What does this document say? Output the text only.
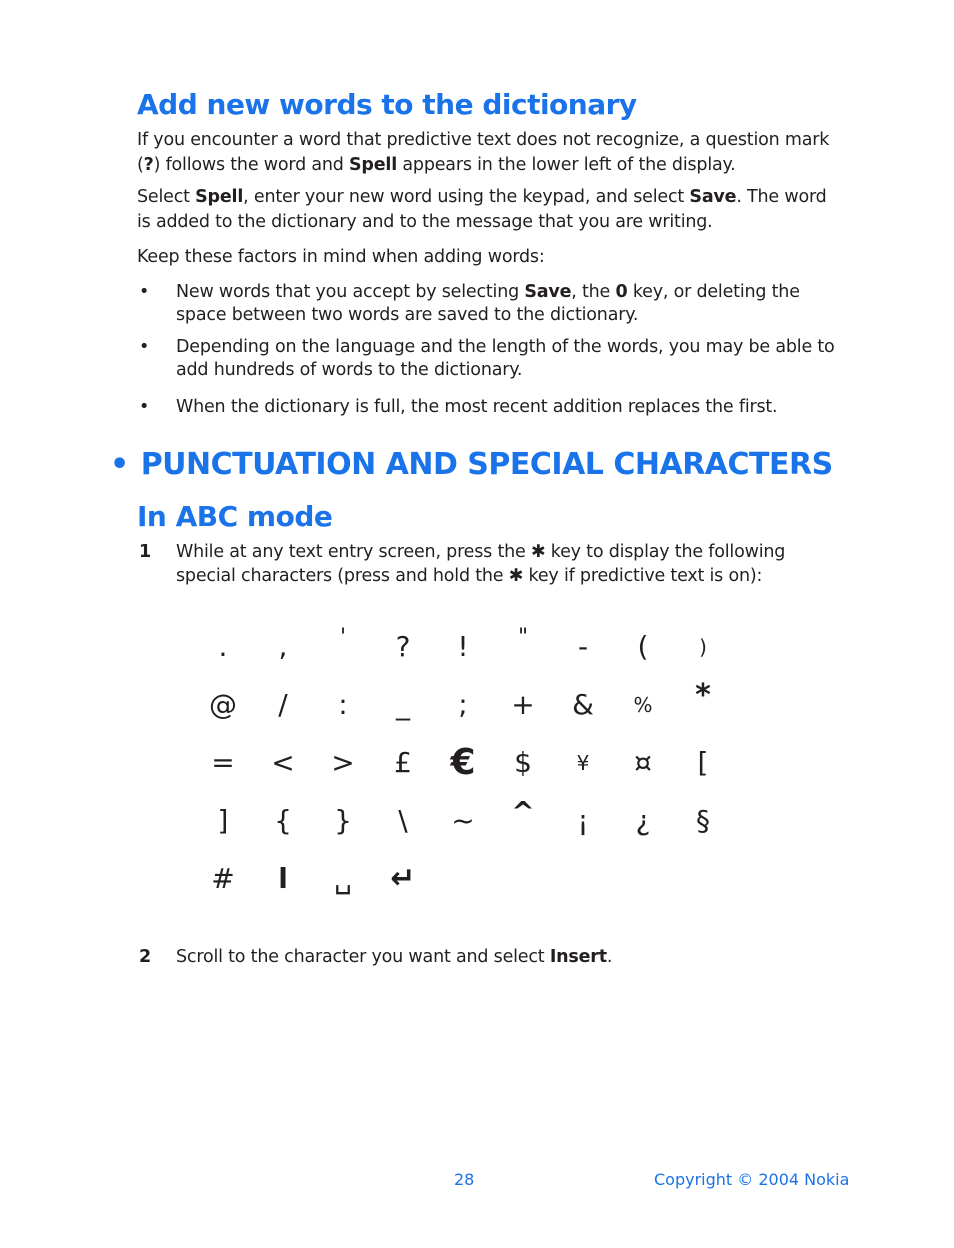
Add new words to the dictionary

If you encounter a word that predictive text does not recognize, a question mark (?) follows the word and Spell appears in the lower left of the display.

Select Spell, enter your new word using the keypad, and select Save. The word is added to the dictionary and to the message that you are writing.

Keep these factors in mind when adding words:

• New words that you accept by selecting Save, the 0 key, or deleting the space between two words are saved to the dictionary.
• Depending on the language and the length of the words, you may be able to add hundreds of words to the dictionary.
• When the dictionary is full, the most recent addition replaces the first.
• PUNCTUATION AND SPECIAL CHARACTERS
In ABC mode
1 While at any text entry screen, press the ✱ key to display the following special characters (press and hold the ✱ key if predictive text is on):
.	,	'	?	!	"	-	(	)
@	/	:	_	;	+	&	%	*
=	<	>	£	€	$	¥	¤	[
]	{	}	\	~	^	¡	¿	§
#	l	␣	↵
2 Scroll to the character you want and select Insert.
28	Copyright © 2004 Nokia
